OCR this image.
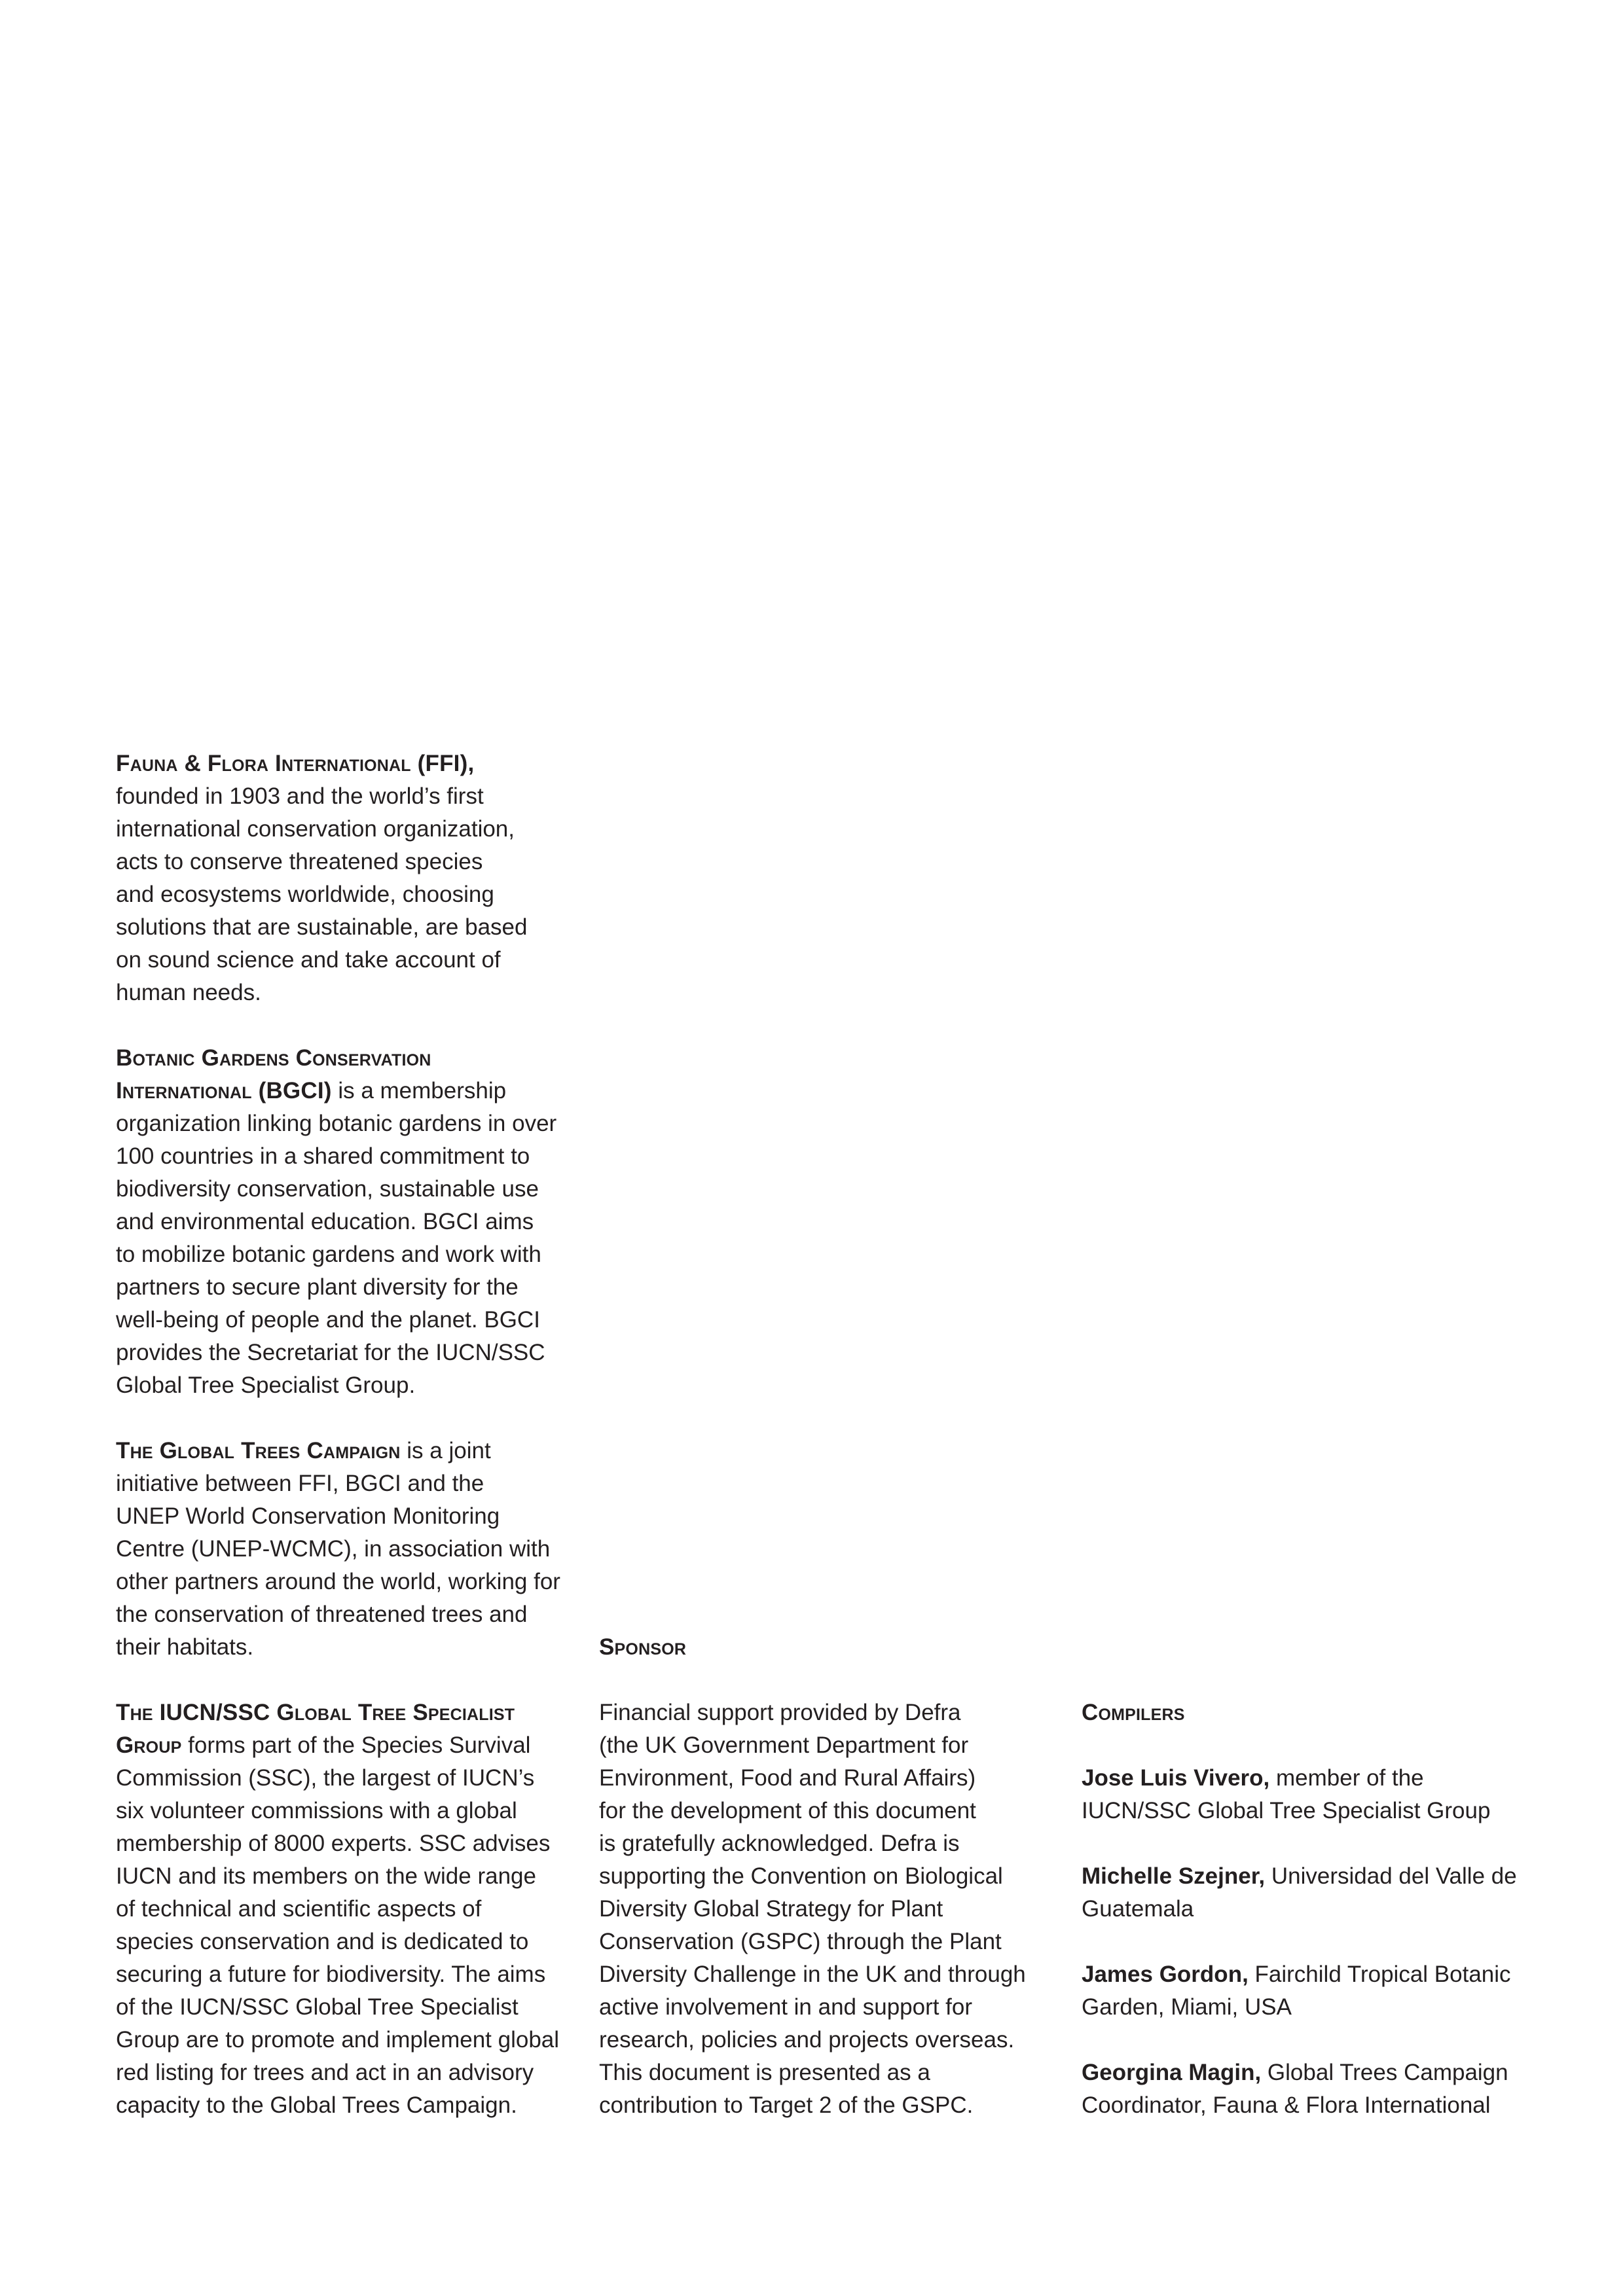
Fauna & Flora International (FFI),

founded in 1903 and the world’s first

international conservation organization,

acts to conserve threatened species

and ecosystems worldwide, choosing

solutions that are sustainable, are based

on sound science and take account of

human needs.

Botanic Gardens Conservation

International (BGCI) is a membership

organization linking botanic gardens in over

100 countries in a shared commitment to

biodiversity conservation, sustainable use

and environmental education. BGCI aims

to mobilize botanic gardens and work with

partners to secure plant diversity for the

well-being of people and the planet. BGCI

provides the Secretariat for the IUCN/SSC

Global Tree Specialist Group.

The Global Trees Campaign is a joint

initiative between FFI, BGCI and the

UNEP World Conservation Monitoring

Centre (UNEP-WCMC), in association with

other partners around the world, working for

the conservation of threatened trees and

their habitats.

The IUCN/SSC Global Tree Specialist

Group forms part of the Species Survival

Commission (SSC), the largest of IUCN’s

six volunteer commissions with a global

membership of 8000 experts. SSC advises

IUCN and its members on the wide range

of technical and scientific aspects of

species conservation and is dedicated to

securing a future for biodiversity. The aims

of the IUCN/SSC Global Tree Specialist

Group are to promote and implement global

red listing for trees and act in an advisory

capacity to the Global Trees Campaign.

Sponsor

Financial support provided by Defra

(the UK Government Department for

Environment, Food and Rural Affairs)

for the development of this document

is gratefully acknowledged. Defra is

supporting the Convention on Biological

Diversity Global Strategy for Plant

Conservation (GSPC) through the Plant

Diversity Challenge in the UK and through

active involvement in and support for

research, policies and projects overseas.

This document is presented as a

contribution to Target 2 of the GSPC.

Compilers

Jose Luis Vivero, member of the

IUCN/SSC Global Tree Specialist Group

Michelle Szejner, Universidad del Valle de

Guatemala

James Gordon, Fairchild Tropical Botanic

Garden, Miami, USA

Georgina Magin, Global Trees Campaign

Coordinator, Fauna & Flora International
